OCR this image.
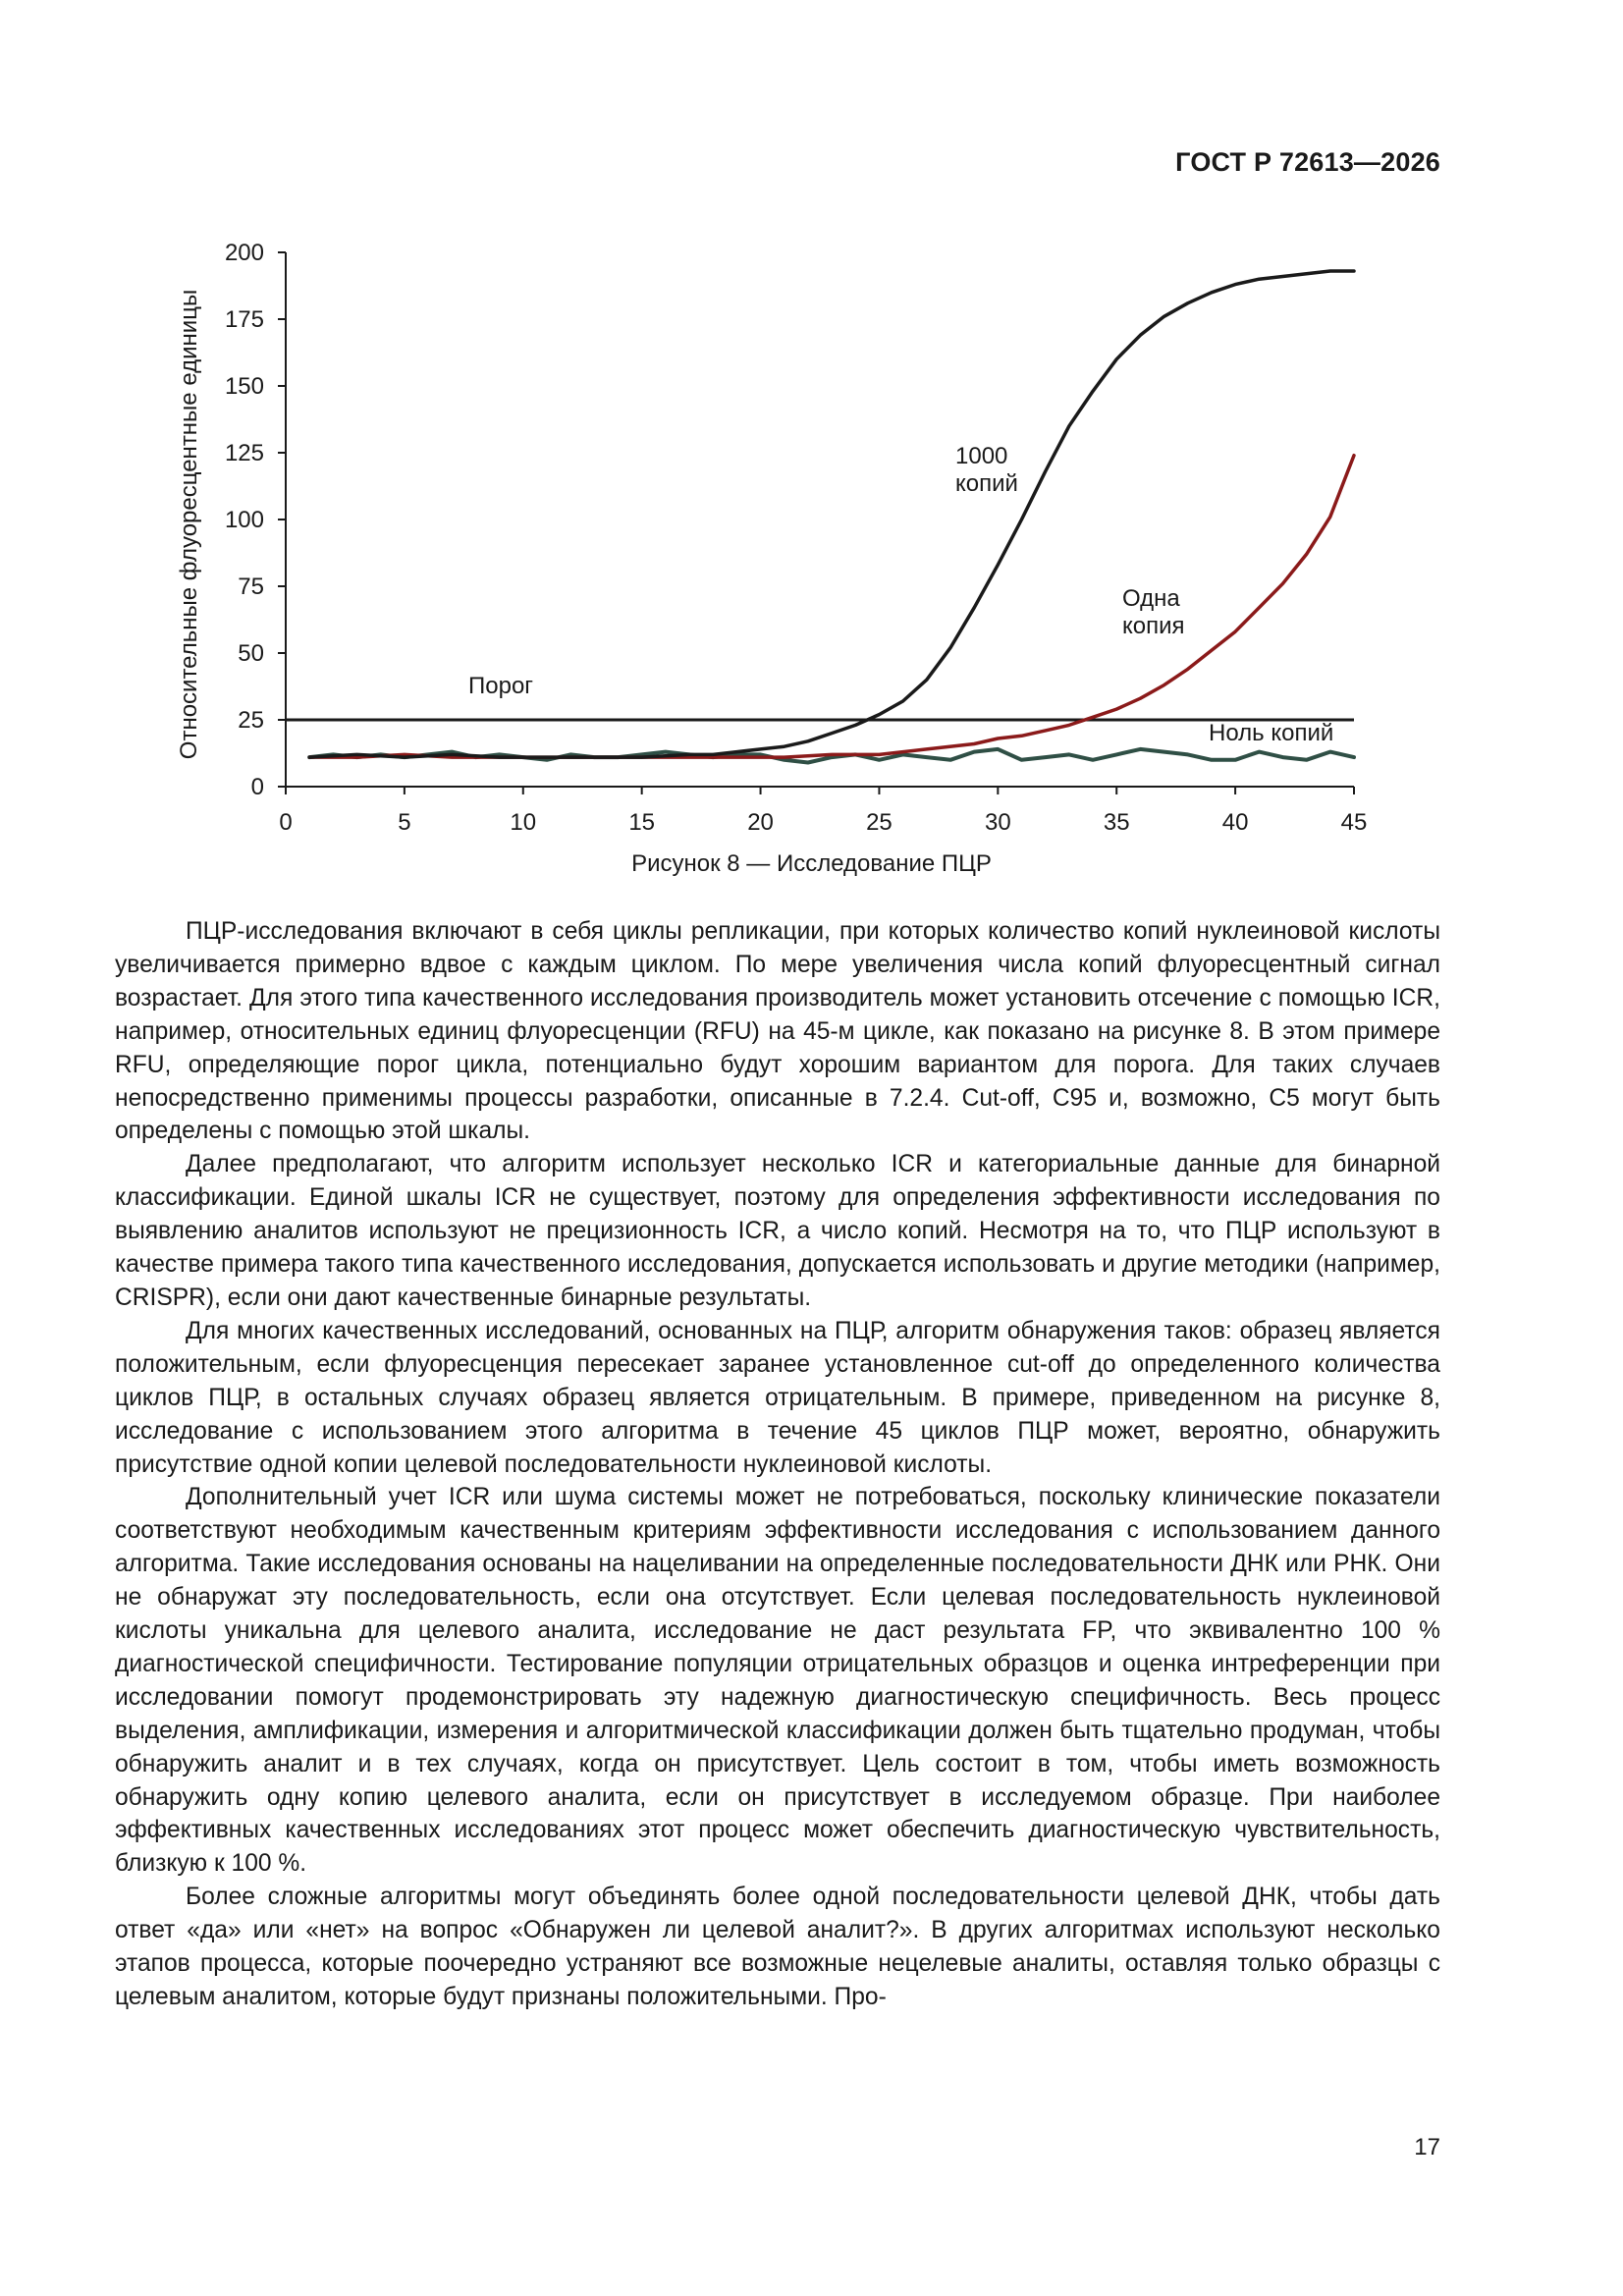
ГОСТ Р 72613—2026
0
25
50
75
100
125
150
175
200
0	5	10	15	20	25	30	35	40	45
1000
копий
Одна
копия
Ноль копий
Относительные флуоресцентные единицы	Порог
Рисунок 8 — Исследование ПЦР

ПЦР-исследования включают в себя циклы репликации, при которых количество копий нуклеиновой кислоты увеличивается примерно вдвое с каждым циклом. По мере увеличения числа копий флуоресцентный сигнал возрастает. Для этого типа качественного исследования производитель может установить отсечение с помощью ICR, например, относительных единиц флуоресценции (RFU) на 45-м цикле, как показано на рисунке 8. В этом примере RFU, определяющие порог цикла, потенциально будут хорошим вариантом для порога. Для таких случаев непосредственно применимы процессы разработки, описанные в 7.2.4. Cut-off, C95 и, возможно, C5 могут быть определены с помощью этой шкалы.

Далее предполагают, что алгоритм использует несколько ICR и категориальные данные для бинарной классификации. Единой шкалы ICR не существует, поэтому для определения эффективности исследования по выявлению аналитов используют не прецизионность ICR, а число копий. Несмотря на то, что ПЦР используют в качестве примера такого типа качественного исследования, допускается использовать и другие методики (например, CRISPR), если они дают качественные бинарные результаты.

Для многих качественных исследований, основанных на ПЦР, алгоритм обнаружения таков: образец является положительным, если флуоресценция пересекает заранее установленное cut-off до определенного количества циклов ПЦР, в остальных случаях образец является отрицательным. В примере, приведенном на рисунке 8, исследование с использованием этого алгоритма в течение 45 циклов ПЦР может, вероятно, обнаружить присутствие одной копии целевой последовательности нуклеиновой кислоты.

Дополнительный учет ICR или шума системы может не потребоваться, поскольку клинические показатели соответствуют необходимым качественным критериям эффективности исследования с использованием данного алгоритма. Такие исследования основаны на нацеливании на определенные последовательности ДНК или РНК. Они не обнаружат эту последовательность, если она отсутствует. Если целевая последовательность нуклеиновой кислоты уникальна для целевого аналита, исследование не даст результата FP, что эквивалентно 100 % диагностической специфичности. Тестирование популяции отрицательных образцов и оценка интреференции при исследовании помогут продемонстрировать эту надежную диагностическую специфичность. Весь процесс выделения, амплификации, измерения и алгоритмической классификации должен быть тщательно продуман, чтобы обнаружить аналит и в тех случаях, когда он присутствует. Цель состоит в том, чтобы иметь возможность обнаружить одну копию целевого аналита, если он присутствует в исследуемом образце. При наиболее эффективных качественных исследованиях этот процесс может обеспечить диагностическую чувствительность, близкую к 100 %.

Более сложные алгоритмы могут объединять более одной последовательности целевой ДНК, чтобы дать ответ «да» или «нет» на вопрос «Обнаружен ли целевой аналит?». В других алгоритмах используют несколько этапов процесса, которые поочередно устраняют все возможные нецелевые аналиты, оставляя только образцы с целевым аналитом, которые будут признаны положительными. Про-

17
